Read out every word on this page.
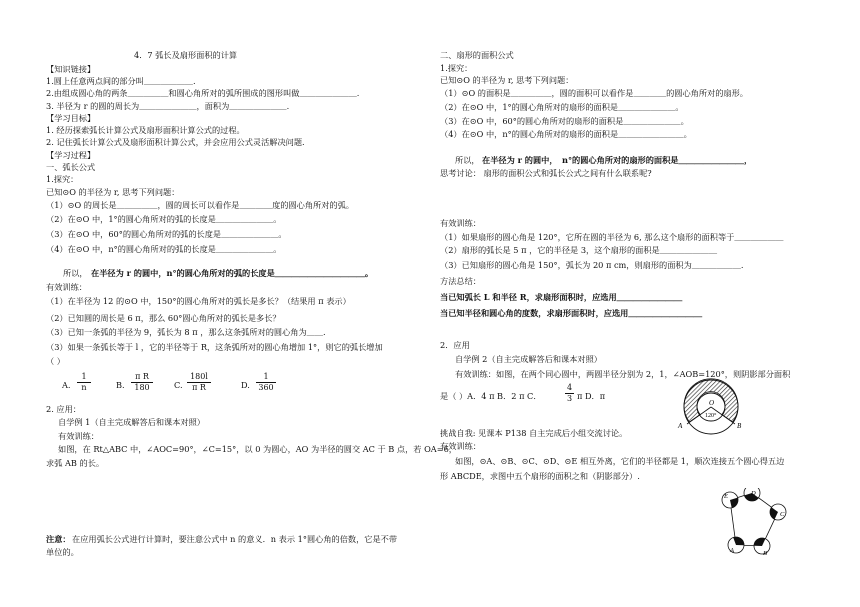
4．7 弧长及扇形面积的计算
【知识链接】
1.圆上任意两点间的部分叫＿＿＿＿＿＿.
2.由组成圆心角的两条＿＿＿＿＿和圆心角所对的弧所围成的图形叫做＿＿＿＿＿＿＿.
3. 半径为 r 的圆的周长为＿＿＿＿＿＿＿，面积为＿＿＿＿＿＿＿.
【学习目标】
1. 经历探索弧长计算公式及扇形面积计算公式的过程。
2. 记住弧长计算公式及扇形面积计算公式，并会应用公式灵活解决问题.
【学习过程】
一、弧长公式
1.探究：
已知⊙O 的半径为 r, 思考下列问题：
（1）⊙O 的周长是＿＿＿＿＿，圆的周长可以看作是＿＿＿＿度的圆心角所对的弧。
（2）在⊙O 中，1°的圆心角所对的弧的长度是＿＿＿＿＿＿＿。
（3）在⊙O 中，60°的圆心角所对的弧的长度是＿＿＿＿＿＿＿。
（4）在⊙O 中，n°的圆心角所对的弧的长度是＿＿＿＿＿＿＿。
所以， 在半径为 r 的圆中，n°的圆心角所对的弧的长度是＿＿＿＿＿＿＿＿＿＿＿。
有效训练：
（1）在半径为 12 的⊙O 中，150°的圆心角所对的弧长是多长？（结果用 π 表示）
（2）已知圆的周长是 6 π，那么 60°圆心角所对的弧长是多长？
（3）已知一条弧的半径为 9，弧长为 8 π ，那么这条弧所对的圆心角为＿＿.
（3）如果一条弧长等于 l ，它的半径等于 R，这条弧所对的圆心角增加 1°，则它的弧长增加
（ ）
A. $\frac{1}{n}$	B. $\frac{\text{π R}}{180}$	C. $\frac{180l}{\text{π R}}$	D. $\frac{1}{360}$
2. 应用：
自学例 1（自主完成解答后和课本对照）
有效训练：
如图，在 Rt△ABC 中，∠AOC=90°，∠C=15°，以 0 为圆心，AO 为半径的圆交 AC 于 B 点，若 OA=6，
求弧 AB 的长。
注意： 在应用弧长公式进行计算时，要注意公式中 n 的意义．n 表示 1°圆心角的倍数，它是不带
单位的。
二、扇形的面积公式
1.探究：
已知⊙O 的半径为 r, 思考下列问题：
（1）⊙O 的面积是＿＿＿＿＿，圆的面积可以看作是＿＿＿＿的圆心角所对的扇形。
（2）在⊙O 中，1°的圆心角所对的扇形的面积是＿＿＿＿＿＿＿。
（3）在⊙O 中，60°的圆心角所对的扇形的面积是＿＿＿＿＿＿＿。
（4）在⊙O 中，n°的圆心角所对的扇形的面积是＿＿＿＿＿＿＿＿。
所以， 在半径为 r 的圆中， n°的圆心角所对的扇形的面积是＿＿＿＿＿＿＿＿，
思考讨论： 扇形的面积公式和弧长公式之间有什么联系呢?
有效训练：
（1）如果扇形的圆心角是 120°，它所在圆的半径为 6, 那么这个扇形的面积等于＿＿＿＿＿＿
（2）扇形的弧长是 5 π ，它的半径是 3，这个扇形的面积是＿＿＿＿＿＿＿
（3）已知扇形的圆心角是 150°，弧长为 20 π cm，则扇形的面积为＿＿＿＿＿＿.
方法总结：
当已知弧长 L 和半径 R，求扇形面积时，应选用＿＿＿＿＿＿＿＿
当已知半径和圆心角的度数，求扇形面积时，应选用＿＿＿＿＿＿＿＿＿
2．应用
自学例 2（自主完成解答后和课本对照）
有效训练：如图，在两个同心圆中，两圆半径分别为 2，1，∠AOB=120°，则阴影部分面积
是（ ）A．4 π B．2 π C．	$\frac{4}{3}$ π D．π
O
A	B
120°
挑战自我: 见课本 P138 自主完成后小组交流讨论。
有效训练：
如图，⊙A、⊙B、⊙C、⊙D、⊙E 相互外离，它们的半径都是 1，顺次连接五个圆心得五边
形 ABCDE，求图中五个扇形的面积之和（阴影部分）.
A	B
C
D
E
